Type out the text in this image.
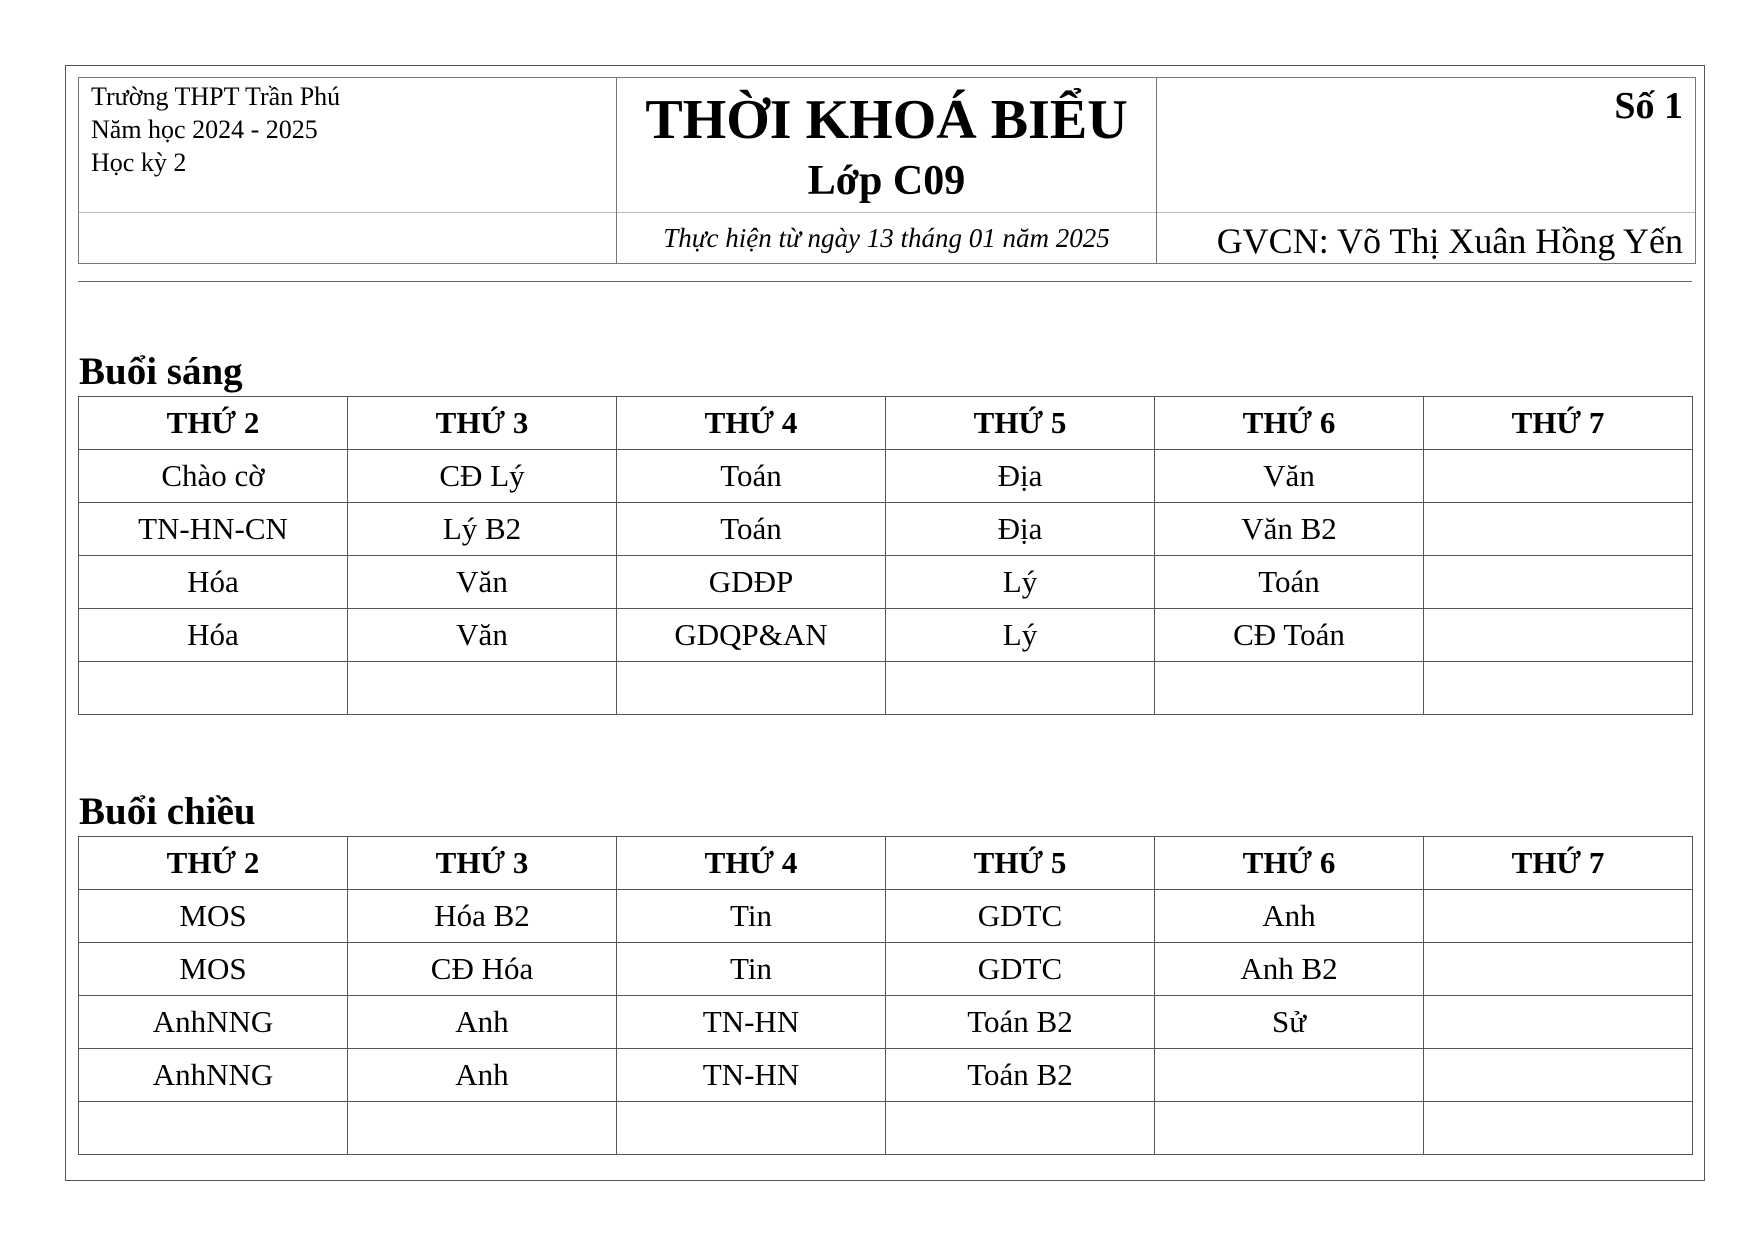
Trường THPT Trần Phú
Năm học 2024 - 2025
Học kỳ 2

THỜI KHOÁ BIỂU
Lớp C09
Thực hiện từ ngày 13 tháng 01 năm 2025

Số 1
GVCN: Võ Thị Xuân Hồng Yến
Buổi sáng
THỨ 2	THỨ 3	THỨ 4	THỨ 5	THỨ 6	THỨ 7
Chào cờ	CĐ Lý	Toán	Địa	Văn	
TN-HN-CN	Lý B2	Toán	Địa	Văn B2	
Hóa	Văn	GDĐP	Lý	Toán	
Hóa	Văn	GDQP&AN	Lý	CĐ Toán	

Buổi chiều
THỨ 2	THỨ 3	THỨ 4	THỨ 5	THỨ 6	THỨ 7
MOS	Hóa B2	Tin	GDTC	Anh	
MOS	CĐ Hóa	Tin	GDTC	Anh B2	
AnhNNG	Anh	TN-HN	Toán B2	Sử	
AnhNNG	Anh	TN-HN	Toán B2		
